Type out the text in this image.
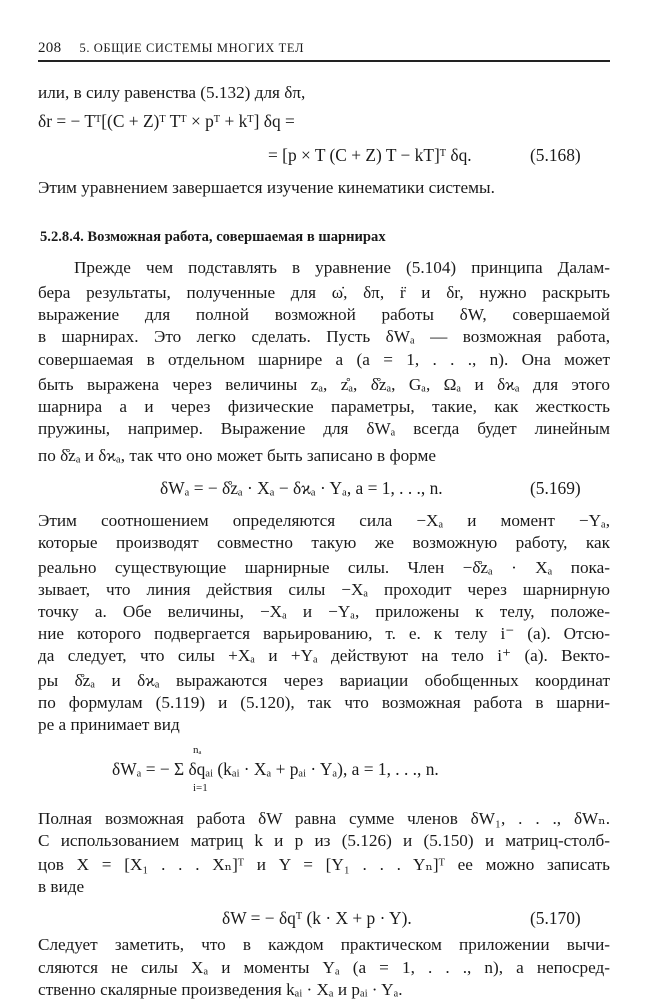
208 5. ОБЩИЕ СИСТЕМЫ МНОГИХ ТЕЛ
или, в силу равенства (5.132) для δπ,
δr = − Tᵀ[(C + Z)ᵀ Tᵀ × pᵀ + kᵀ] δq =
= [p × T (C + Z) T − kT]ᵀ δq.	(5.168)
Этим уравнением завершается изучение кинематики системы.
5.2.8.4. Возможная работа, совершаемая в шарнирах
Прежде чем подставлять в уравнение (5.104) принципа Далам-
бера результаты, полученные для ω̇, δπ, r̈ и δr, нужно раскрыть
выражение для полной возможной работы δW, совершаемой
в шарнирах. Это легко сделать. Пусть δWₐ — возможная работа,
совершаемая в отдельном шарнире a (a = 1, . . ., n). Она может
быть выражена через величины zₐ, z̊ₐ, δ̊zₐ, Gₐ, Ωₐ и δϰₐ для этого
шарнира a и через физические параметры, такие, как жесткость
пружины, например. Выражение для δWₐ всегда будет линейным
по δ̊zₐ и δϰₐ, так что оно может быть записано в форме
δWₐ = − δ̊zₐ · Xₐ − δϰₐ · Yₐ, a = 1, . . ., n.	(5.169)
Этим соотношением определяются сила −Xₐ и момент −Yₐ,
которые производят совместно такую же возможную работу, как
реально существующие шарнирные силы. Член −δ̊zₐ · Xₐ пока-
зывает, что линия действия силы −Xₐ проходит через шарнирную
точку a. Обе величины, −Xₐ и −Yₐ, приложены к телу, положе-
ние которого подвергается варьированию, т. е. к телу i⁻ (a). Отсю-
да следует, что силы +Xₐ и +Yₐ действуют на тело i⁺ (a). Векто-
ры δ̊zₐ и δϰₐ выражаются через вариации обобщенных координат
по формулам (5.119) и (5.120), так что возможная работа в шарни-
ре a принимает вид
nₐ
δWₐ = − Σ δqₐᵢ (kₐᵢ · Xₐ + pₐᵢ · Yₐ), a = 1, . . ., n.
i=1
Полная возможная работа δW равна сумме членов δW₁, . . ., δWₙ.
С использованием матриц k и p из (5.126) и (5.150) и матриц-столб-
цов X = [X₁ . . . Xₙ]ᵀ и Y = [Y₁ . . . Yₙ]ᵀ ее можно записать
в виде
δW = − δqᵀ (k · X + p · Y).	(5.170)
Следует заметить, что в каждом практическом приложении вычи-
сляются не силы Xₐ и моменты Yₐ (a = 1, . . ., n), а непосред-
ственно скалярные произведения kₐᵢ · Xₐ и pₐᵢ · Yₐ.
